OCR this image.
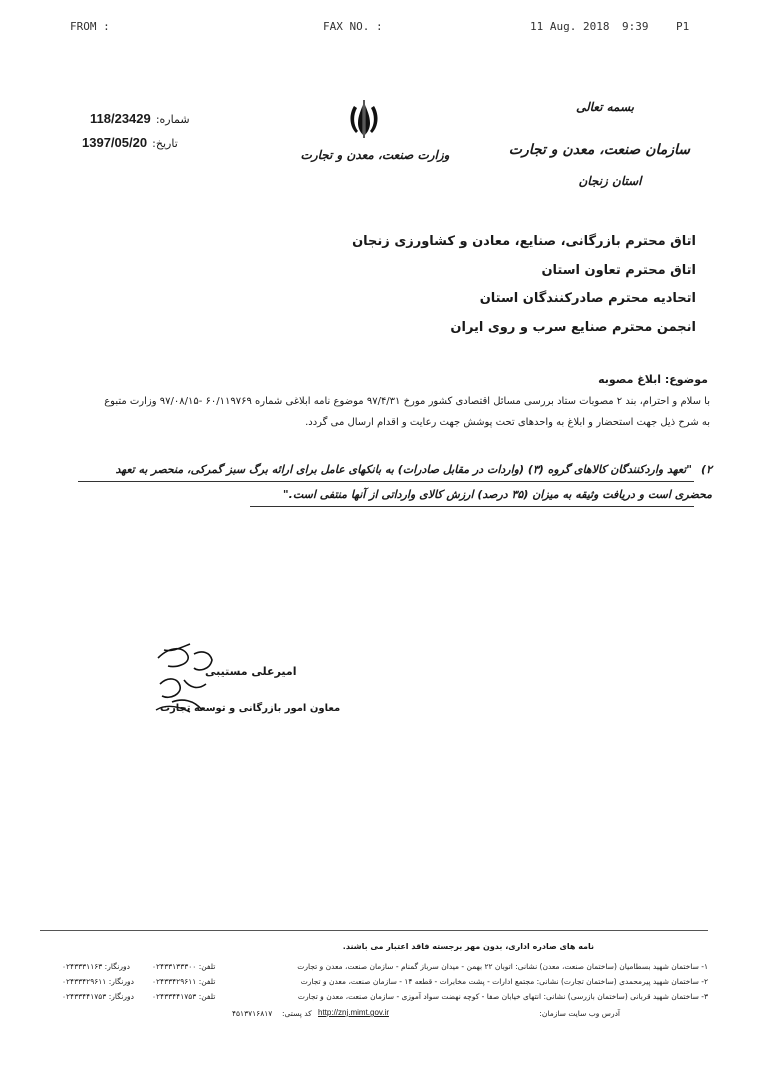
FROM :	FAX NO. :	11 Aug. 2018 9:39	P1
118/23429 شماره:
1397/05/20 تاریخ:
وزارت صنعت، معدن و تجارت
بسمه تعالی
سازمان صنعت، معدن و تجارت
استان زنجان
اتاق محترم بازرگانی، صنایع، معادن و کشاورزی زنجان
اتاق محترم تعاون استان
اتحادیه محترم صادرکنندگان استان
انجمن محترم صنایع سرب و روی ایران
موضوع: ابلاغ مصوبه
با سلام و احترام، بند ۲ مصوبات ستاد بررسی مسائل اقتصادی کشور مورخ ۹۷/۴/۳۱ موضوع نامه ابلاغی شماره ۶۰/۱۱۹۷۶۹ -۹۷/۰۸/۱۵ وزارت متبوع
به شرح ذیل جهت استحضار و ابلاغ به واحدهای تحت پوشش جهت رعایت و اقدام ارسال می گردد.
۲)
"تعهد واردکنندگان کالاهای گروه (۳) (واردات در مقابل صادرات) به بانکهای عامل برای ارائه برگ سبز گمرکی، منحصر به تعهد
محضری است و دریافت وثیقه به میزان (۳۵ درصد) ارزش کالای وارداتی از آنها منتفی است."
امیرعلی مستیبی
معاون امور بازرگانی و توسعه تجارت
نامه های صادره اداری، بدون مهر برجسته فاقد اعتبار می باشند.
۱- ساختمان شهید بسطامیان (ساختمان صنعت، معدن) نشانی: اتوبان ۲۲ بهمن - میدان سرباز گمنام - سازمان صنعت، معدن و تجارت
تلفن: ۰۲۴۳۳۱۳۳۳۰۰
دورنگار: ۰۲۴۳۳۳۱۱۶۳
۲- ساختمان شهید پیرمحمدی (ساختمان تجارت) نشانی: مجتمع ادارات - پشت مخابرات - قطعه ۱۴ - سازمان صنعت، معدن و تجارت
تلفن: ۰۲۴۳۳۴۲۹۶۱۱
دورنگار: ۰۲۴۳۳۴۲۹۶۱۱
۳- ساختمان شهید قربانی (ساختمان بازرسی) نشانی: انتهای خیابان صفا - کوچه نهضت سواد آموزی - سازمان صنعت، معدن و تجارت
تلفن: ۰۲۴۳۳۴۴۱۷۵۳
دورنگار: ۰۲۴۳۳۴۴۱۷۵۳
آدرس وب سایت سازمان:
http://znj.mimt.gov.ir
کد پستی:
۴۵۱۳۷۱۶۸۱۷
